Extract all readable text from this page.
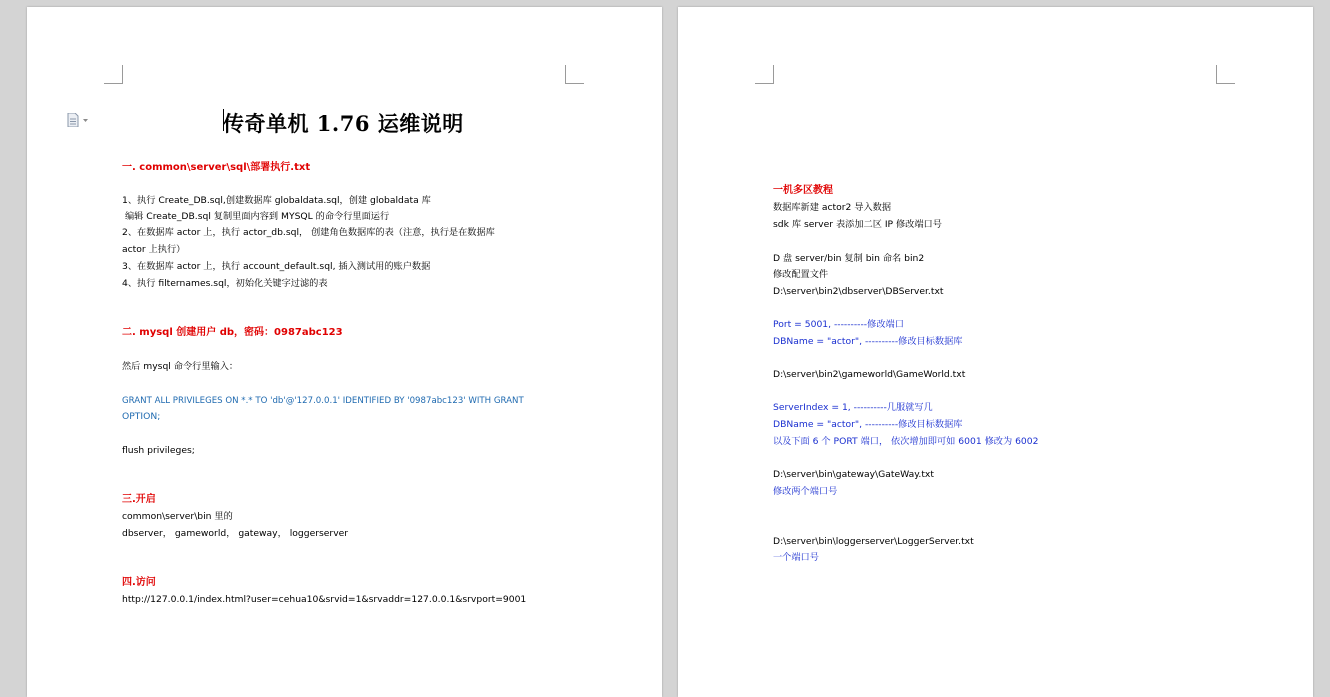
传奇单机 1.76 运维说明
一. common\server\sql\部署执行.txt
1、执行 Create_DB.sql,创建数据库 globaldata.sql，创建 globaldata 库
编辑 Create_DB.sql 复制里面内容到 MYSQL 的命令行里面运行
2、在数据库 actor 上，执行 actor_db.sql， 创建角色数据库的表（注意，执行是在数据库
actor 上执行）
3、在数据库 actor 上，执行 account_default.sql, 插入测试用的账户数据
4、执行 filternames.sql，初始化关键字过滤的表
二. mysql 创建用户 db，密码：0987abc123
然后 mysql 命令行里输入：
GRANT ALL PRIVILEGES ON *.* TO 'db'@'127.0.0.1' IDENTIFIED BY '0987abc123' WITH GRANT
OPTION;
flush privileges;
三.开启
common\server\bin 里的
dbserver， gameworld， gateway， loggerserver
四.访问
http://127.0.0.1/index.html?user=cehua10&srvid=1&srvaddr=127.0.0.1&srvport=9001
一机多区教程
数据库新建 actor2 导入数据
sdk 库 server 表添加二区 IP 修改端口号
D 盘 server/bin 复制 bin 命名 bin2
修改配置文件
D:\server\bin2\dbserver\DBServer.txt
Port = 5001, ----------修改端口
DBName = "actor", ----------修改目标数据库
D:\server\bin2\gameworld\GameWorld.txt
ServerIndex = 1, ----------几服就写几
DBName = "actor", ----------修改目标数据库
以及下面 6 个 PORT 端口， 依次增加即可如 6001 修改为 6002
D:\server\bin\gateway\GateWay.txt
修改两个端口号
D:\server\bin\loggerserver\LoggerServer.txt
一个端口号
